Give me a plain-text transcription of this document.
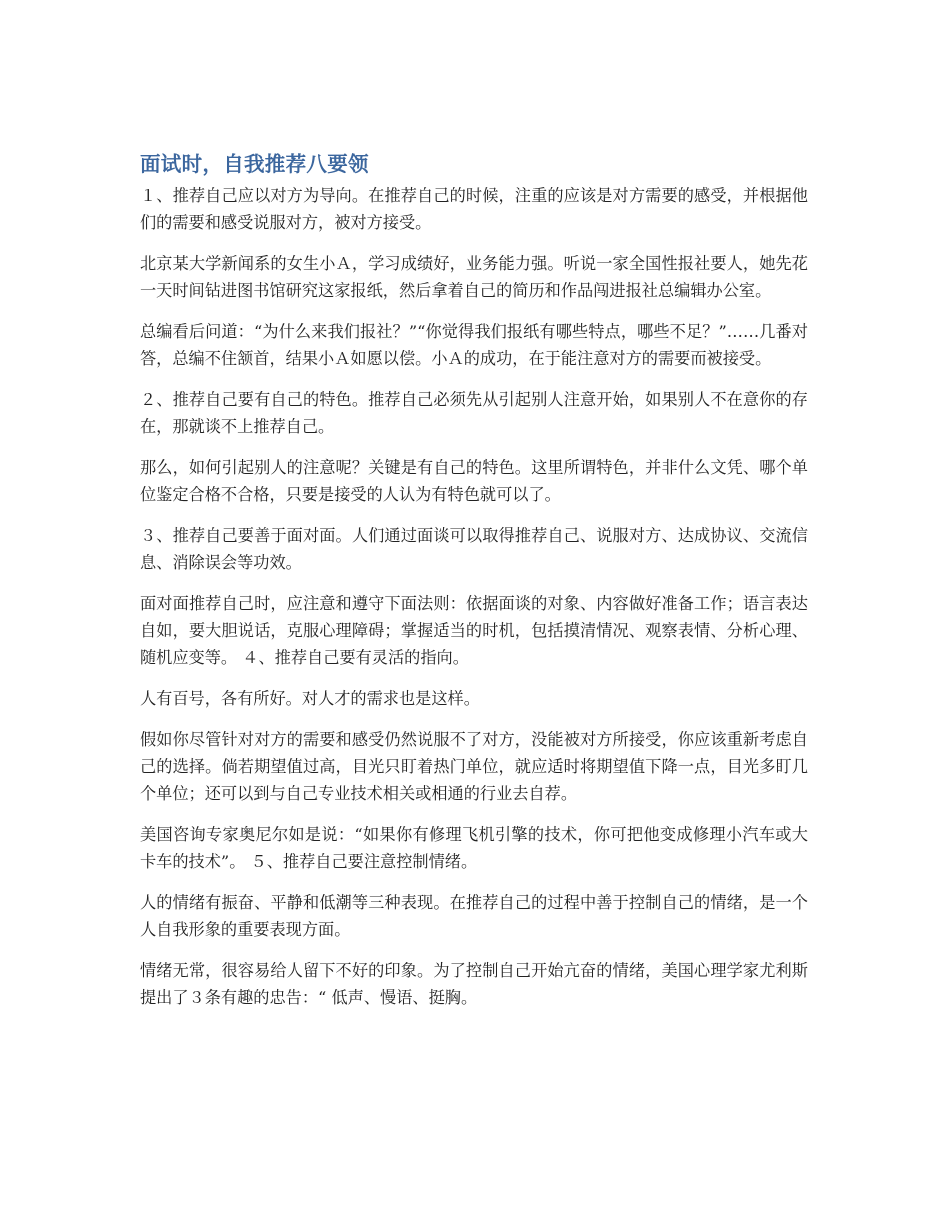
面试时，自我推荐八要领

１、推荐自己应以对方为导向。在推荐自己的时候，注重的应该是对方需要的感受，并根据他们的需要和感受说服对方，被对方接受。

北京某大学新闻系的女生小Ａ，学习成绩好，业务能力强。听说一家全国性报社要人，她先花一天时间钻进图书馆研究这家报纸，然后拿着自己的简历和作品闯进报社总编辑办公室。

总编看后问道：“为什么来我们报社？”“你觉得我们报纸有哪些特点，哪些不足？”……几番对答，总编不住颔首，结果小Ａ如愿以偿。小Ａ的成功，在于能注意对方的需要而被接受。

２、推荐自己要有自己的特色。推荐自己必须先从引起别人注意开始，如果别人不在意你的存在，那就谈不上推荐自己。

那么，如何引起别人的注意呢？关键是有自己的特色。这里所谓特色，并非什么文凭、哪个单位鉴定合格不合格，只要是接受的人认为有特色就可以了。

３、推荐自己要善于面对面。人们通过面谈可以取得推荐自己、说服对方、达成协议、交流信息、消除误会等功效。

面对面推荐自己时，应注意和遵守下面法则：依据面谈的对象、内容做好准备工作；语言表达自如，要大胆说话，克服心理障碍；掌握适当的时机，包括摸清情况、观察表情、分析心理、随机应变等。 ４、推荐自己要有灵活的指向。

人有百号，各有所好。对人才的需求也是这样。

假如你尽管针对对方的需要和感受仍然说服不了对方，没能被对方所接受，你应该重新考虑自己的选择。倘若期望值过高，目光只盯着热门单位，就应适时将期望值下降一点，目光多盯几个单位；还可以到与自己专业技术相关或相通的行业去自荐。

美国咨询专家奥尼尔如是说：“如果你有修理飞机引擎的技术，你可把他变成修理小汽车或大卡车的技术”。 ５、推荐自己要注意控制情绪。

人的情绪有振奋、平静和低潮等三种表现。在推荐自己的过程中善于控制自己的情绪，是一个人自我形象的重要表现方面。

情绪无常，很容易给人留下不好的印象。为了控制自己开始亢奋的情绪，美国心理学家尤利斯提出了３条有趣的忠告：“ 低声、慢语、挺胸。
